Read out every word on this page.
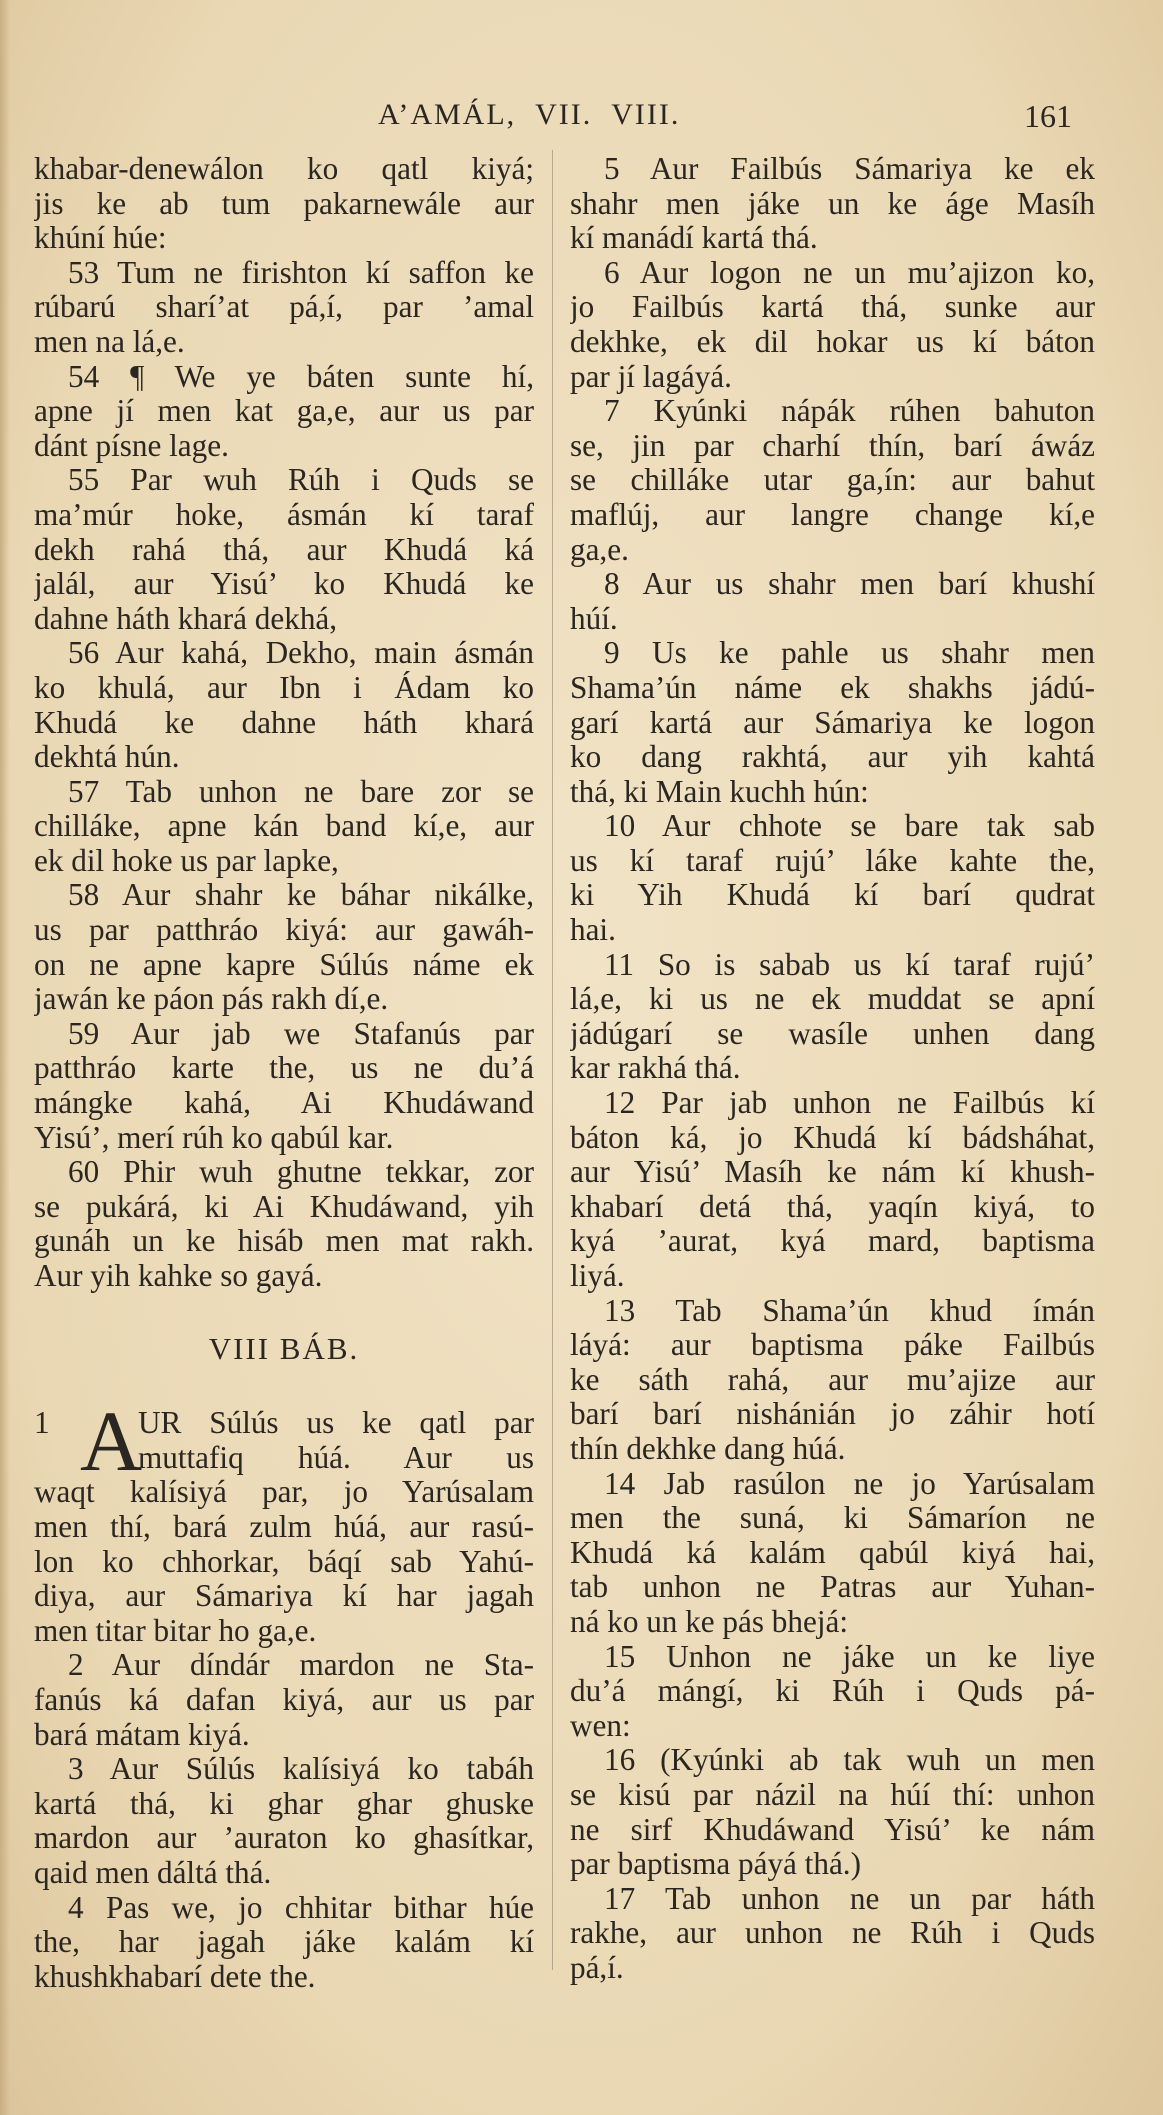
A’AMÁL, VII. VIII.	161
khabar-denewálon ko qatl kiyá;
jis ke ab tum pakarnewále aur
khúní húe:
53 Tum ne firishton kí saffon ke
rúbarú sharí’at pá,í, par ’amal
men na lá,e.
54 ¶ We ye báten sunte hí,
apne jí men kat ga,e, aur us par
dánt písne lage.
55 Par wuh Rúh i Quds se
ma’múr hoke, ásmán kí taraf
dekh rahá thá, aur Khudá ká
jalál, aur Yisú’ ko Khudá ke
dahne háth khará dekhá,
56 Aur kahá, Dekho, main ásmán
ko khulá, aur Ibn i Ádam ko
Khudá ke dahne háth khará
dekhtá hún.
57 Tab unhon ne bare zor se
chilláke, apne kán band kí,e, aur
ek dil hoke us par lapke,
58 Aur shahr ke báhar nikálke,
us par patthráo kiyá: aur gawáh-
on ne apne kapre Súlús náme ek
jawán ke páon pás rakh dí,e.
59 Aur jab we Stafanús par
patthráo karte the, us ne du’á
mángke kahá, Ai Khudáwand
Yisú’, merí rúh ko qabúl kar.
60 Phir wuh ghutne tekkar, zor
se pukárá, ki Ai Khudáwand, yih
gunáh un ke hisáb men mat rakh.
Aur yih kahke so gayá.
VIII BÁB.
1 A
UR Súlús us ke qatl par
muttafiq húá. Aur us
waqt kalísiyá par, jo Yarúsalam
men thí, bará zulm húá, aur rasú-
lon ko chhorkar, báqí sab Yahú-
diya, aur Sámariya kí har jagah
men titar bitar ho ga,e.
2 Aur díndár mardon ne Sta-
fanús ká dafan kiyá, aur us par
bará mátam kiyá.
3 Aur Súlús kalísiyá ko tabáh
kartá thá, ki ghar ghar ghuske
mardon aur ’auraton ko ghasítkar,
qaid men dáltá thá.
4 Pas we, jo chhitar bithar húe
the, har jagah jáke kalám kí
khushkhabarí dete the.
5 Aur Failbús Sámariya ke ek
shahr men jáke un ke áge Masíh
kí manádí kartá thá.
6 Aur logon ne un mu’ajizon ko,
jo Failbús kartá thá, sunke aur
dekhke, ek dil hokar us kí báton
par jí lagáyá.
7 Kyúnki nápák rúhen bahuton
se, jin par charhí thín, barí áwáz
se chilláke utar ga,ín: aur bahut
maflúj, aur langre change kí,e
ga,e.
8 Aur us shahr men barí khushí
húí.
9 Us ke pahle us shahr men
Shama’ún náme ek shakhs jádú-
garí kartá aur Sámariya ke logon
ko dang rakhtá, aur yih kahtá
thá, ki Main kuchh hún:
10 Aur chhote se bare tak sab
us kí taraf rujú’ láke kahte the,
ki Yih Khudá kí barí qudrat
hai.
11 So is sabab us kí taraf rujú’
lá,e, ki us ne ek muddat se apní
jádúgarí se wasíle unhen dang
kar rakhá thá.
12 Par jab unhon ne Failbús kí
báton ká, jo Khudá kí bádsháhat,
aur Yisú’ Masíh ke nám kí khush-
khabarí detá thá, yaqín kiyá, to
kyá ’aurat, kyá mard, baptisma
liyá.
13 Tab Shama’ún khud ímán
láyá: aur baptisma páke Failbús
ke sáth rahá, aur mu’ajize aur
barí barí nishánián jo záhir hotí
thín dekhke dang húá.
14 Jab rasúlon ne jo Yarúsalam
men the suná, ki Sámaríon ne
Khudá ká kalám qabúl kiyá hai,
tab unhon ne Patras aur Yuhan-
ná ko un ke pás bhejá:
15 Unhon ne jáke un ke liye
du’á mángí, ki Rúh i Quds pá-
wen:
16 (Kyúnki ab tak wuh un men
se kisú par názil na húí thí: unhon
ne sirf Khudáwand Yisú’ ke nám
par baptisma páyá thá.)
17 Tab unhon ne un par háth
rakhe, aur unhon ne Rúh i Quds
pá,í.
